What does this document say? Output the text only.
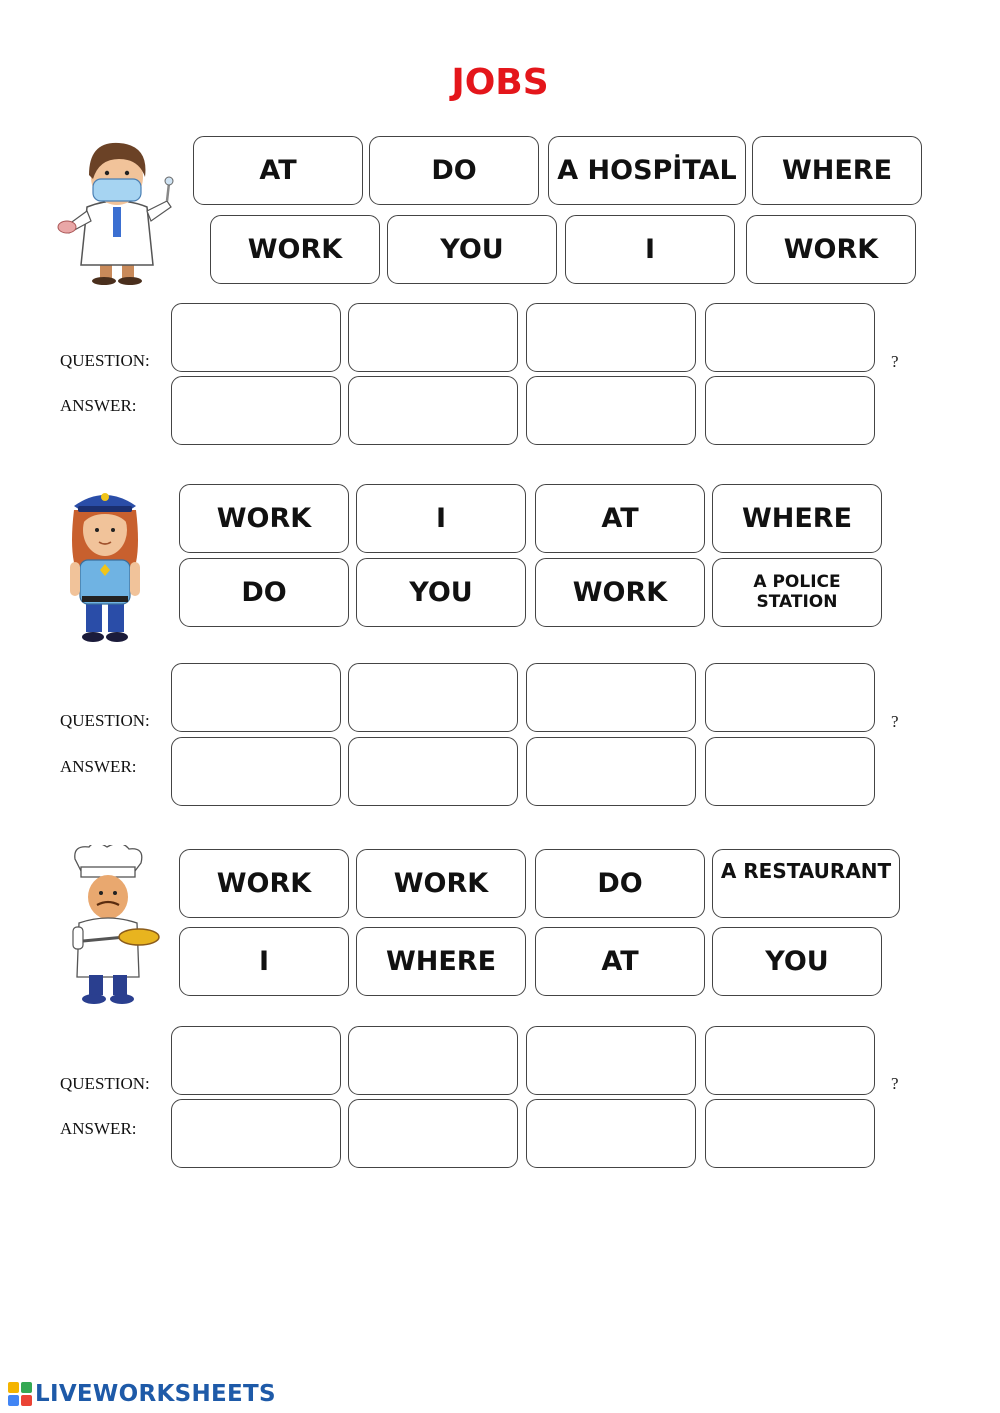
JOBS
AT	DO	A HOSPİTAL	WHERE
WORK	YOU	I	WORK
QUESTION:
ANSWER:
?
WORK	I	AT	WHERE
DO	YOU	WORK	A POLICE STATION
QUESTION:
ANSWER:
?
WORK	WORK	DO	A RESTAURANT
I	WHERE	AT	YOU
QUESTION:
ANSWER:
?
LIVEWORKSHEETS
